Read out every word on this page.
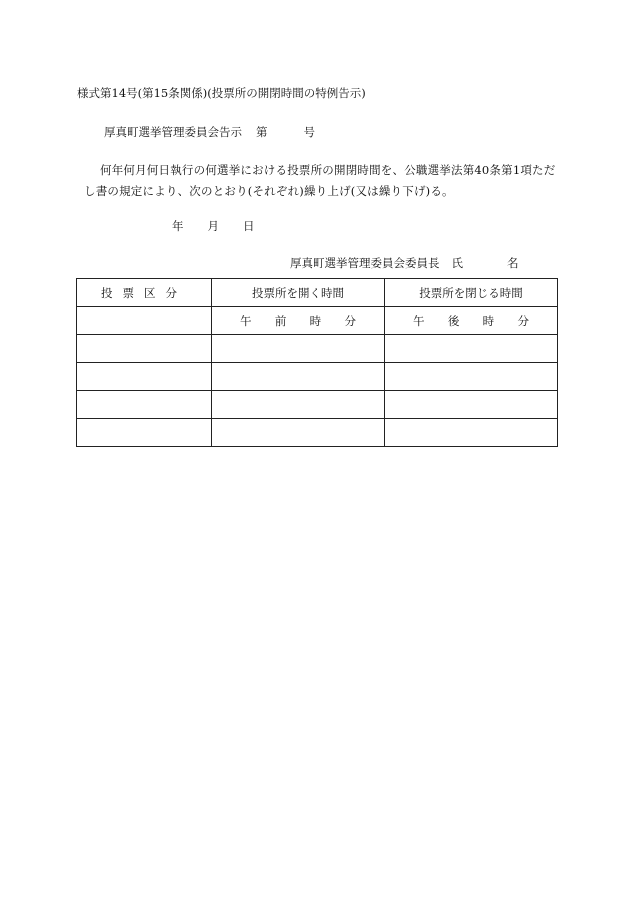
様式第14号(第15条関係)(投票所の開閉時間の特例告示)
厚真町選挙管理委員会告示 第	号
何年何月何日執行の何選挙における投票所の開閉時間を、公職選挙法第40条第1項ただし書の規定により、次のとおり(それぞれ)繰り上げ(又は繰り下げ)る。
年 月 日
厚真町選挙管理委員会委員長 氏	名
投票区分	投票所を開く時間	投票所を閉じる時間

	午 前 時 分	午 後 時 分
